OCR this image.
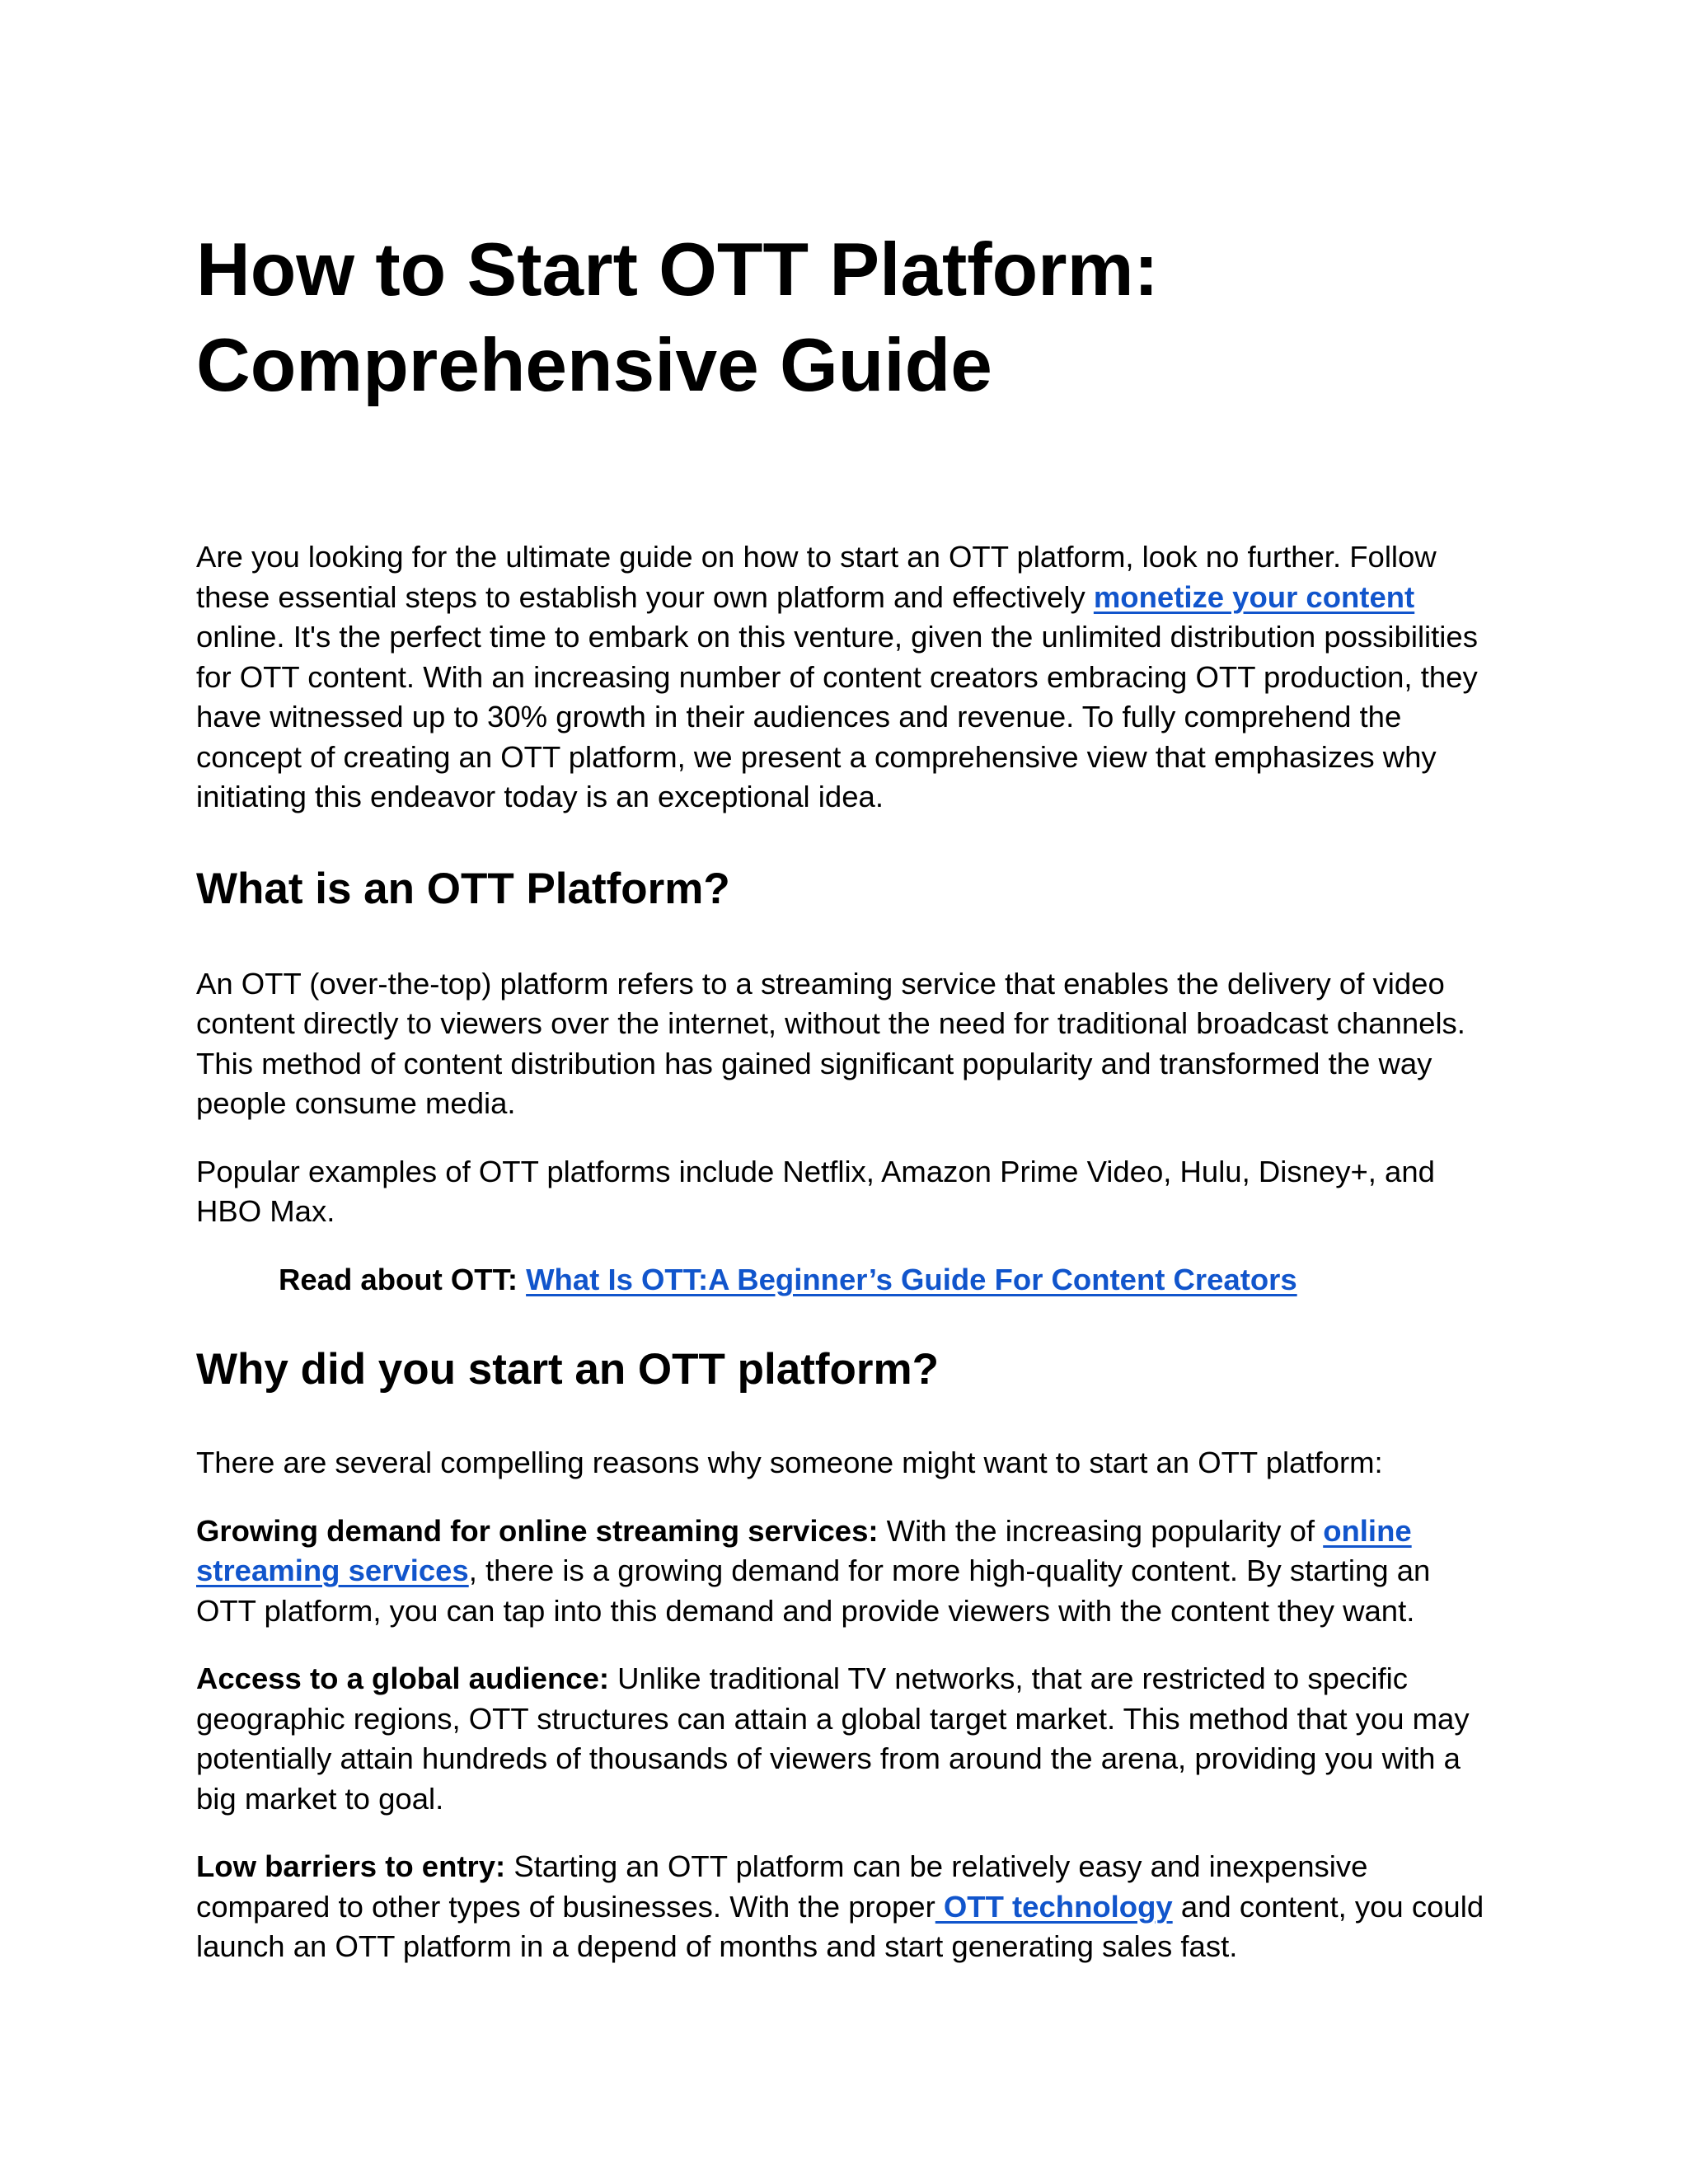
How to Start OTT Platform: Comprehensive Guide

Are you looking for the ultimate guide on how to start an OTT platform, look no further. Follow these essential steps to establish your own platform and effectively monetize your content online. It's the perfect time to embark on this venture, given the unlimited distribution possibilities for OTT content. With an increasing number of content creators embracing OTT production, they have witnessed up to 30% growth in their audiences and revenue. To fully comprehend the concept of creating an OTT platform, we present a comprehensive view that emphasizes why initiating this endeavor today is an exceptional idea.

What is an OTT Platform?

An OTT (over-the-top) platform refers to a streaming service that enables the delivery of video content directly to viewers over the internet, without the need for traditional broadcast channels. This method of content distribution has gained significant popularity and transformed the way people consume media.

Popular examples of OTT platforms include Netflix, Amazon Prime Video, Hulu, Disney+, and HBO Max.

Read about OTT: What Is OTT:A Beginner’s Guide For Content Creators

Why did you start an OTT platform?

There are several compelling reasons why someone might want to start an OTT platform:

Growing demand for online streaming services: With the increasing popularity of online streaming services, there is a growing demand for more high-quality content. By starting an OTT platform, you can tap into this demand and provide viewers with the content they want.

Access to a global audience: Unlike traditional TV networks, that are restricted to specific geographic regions, OTT structures can attain a global target market. This method that you may potentially attain hundreds of thousands of viewers from around the arena, providing you with a big market to goal.

Low barriers to entry: Starting an OTT platform can be relatively easy and inexpensive compared to other types of businesses. With the proper OTT technology and content, you could launch an OTT platform in a depend of months and start generating sales fast.
